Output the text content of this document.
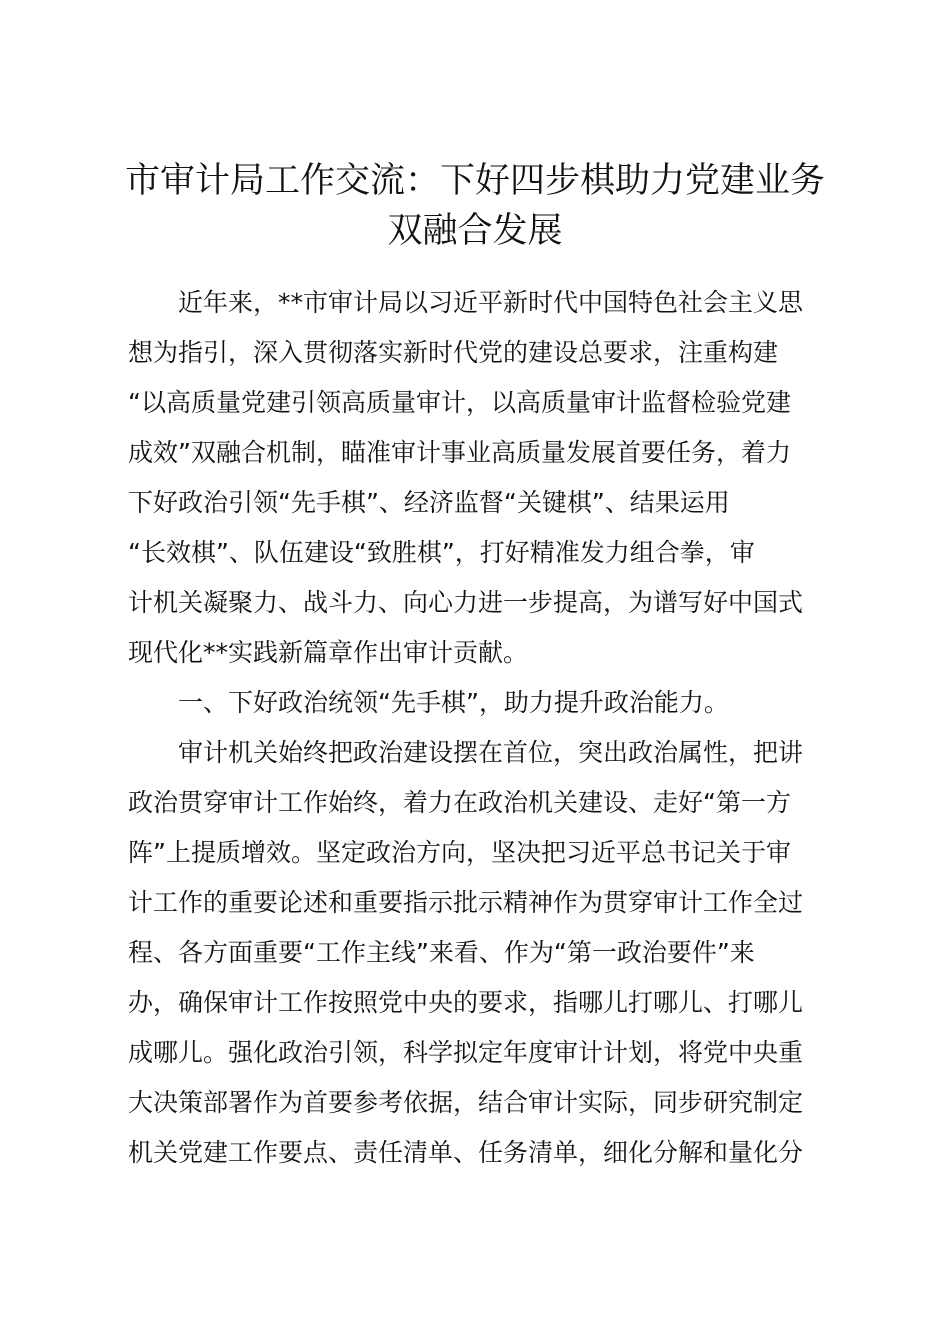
市审计局工作交流：下好四步棋助力党建业务
双融合发展
近年来，**市审计局以习近平新时代中国特色社会主义思
想为指引，深入贯彻落实新时代党的建设总要求，注重构建
“以高质量党建引领高质量审计，以高质量审计监督检验党建
成效”双融合机制，瞄准审计事业高质量发展首要任务，着力
下好政治引领“先手棋”、经济监督“关键棋”、结果运用
“长效棋”、队伍建设“致胜棋”，打好精准发力组合拳，审
计机关凝聚力、战斗力、向心力进一步提高，为谱写好中国式
现代化**实践新篇章作出审计贡献。
一、下好政治统领“先手棋”，助力提升政治能力。
审计机关始终把政治建设摆在首位，突出政治属性，把讲
政治贯穿审计工作始终，着力在政治机关建设、走好“第一方
阵”上提质增效。坚定政治方向，坚决把习近平总书记关于审
计工作的重要论述和重要指示批示精神作为贯穿审计工作全过
程、各方面重要“工作主线”来看、作为“第一政治要件”来
办，确保审计工作按照党中央的要求，指哪儿打哪儿、打哪儿
成哪儿。强化政治引领，科学拟定年度审计计划，将党中央重
大决策部署作为首要参考依据，结合审计实际，同步研究制定
机关党建工作要点、责任清单、任务清单，细化分解和量化分
